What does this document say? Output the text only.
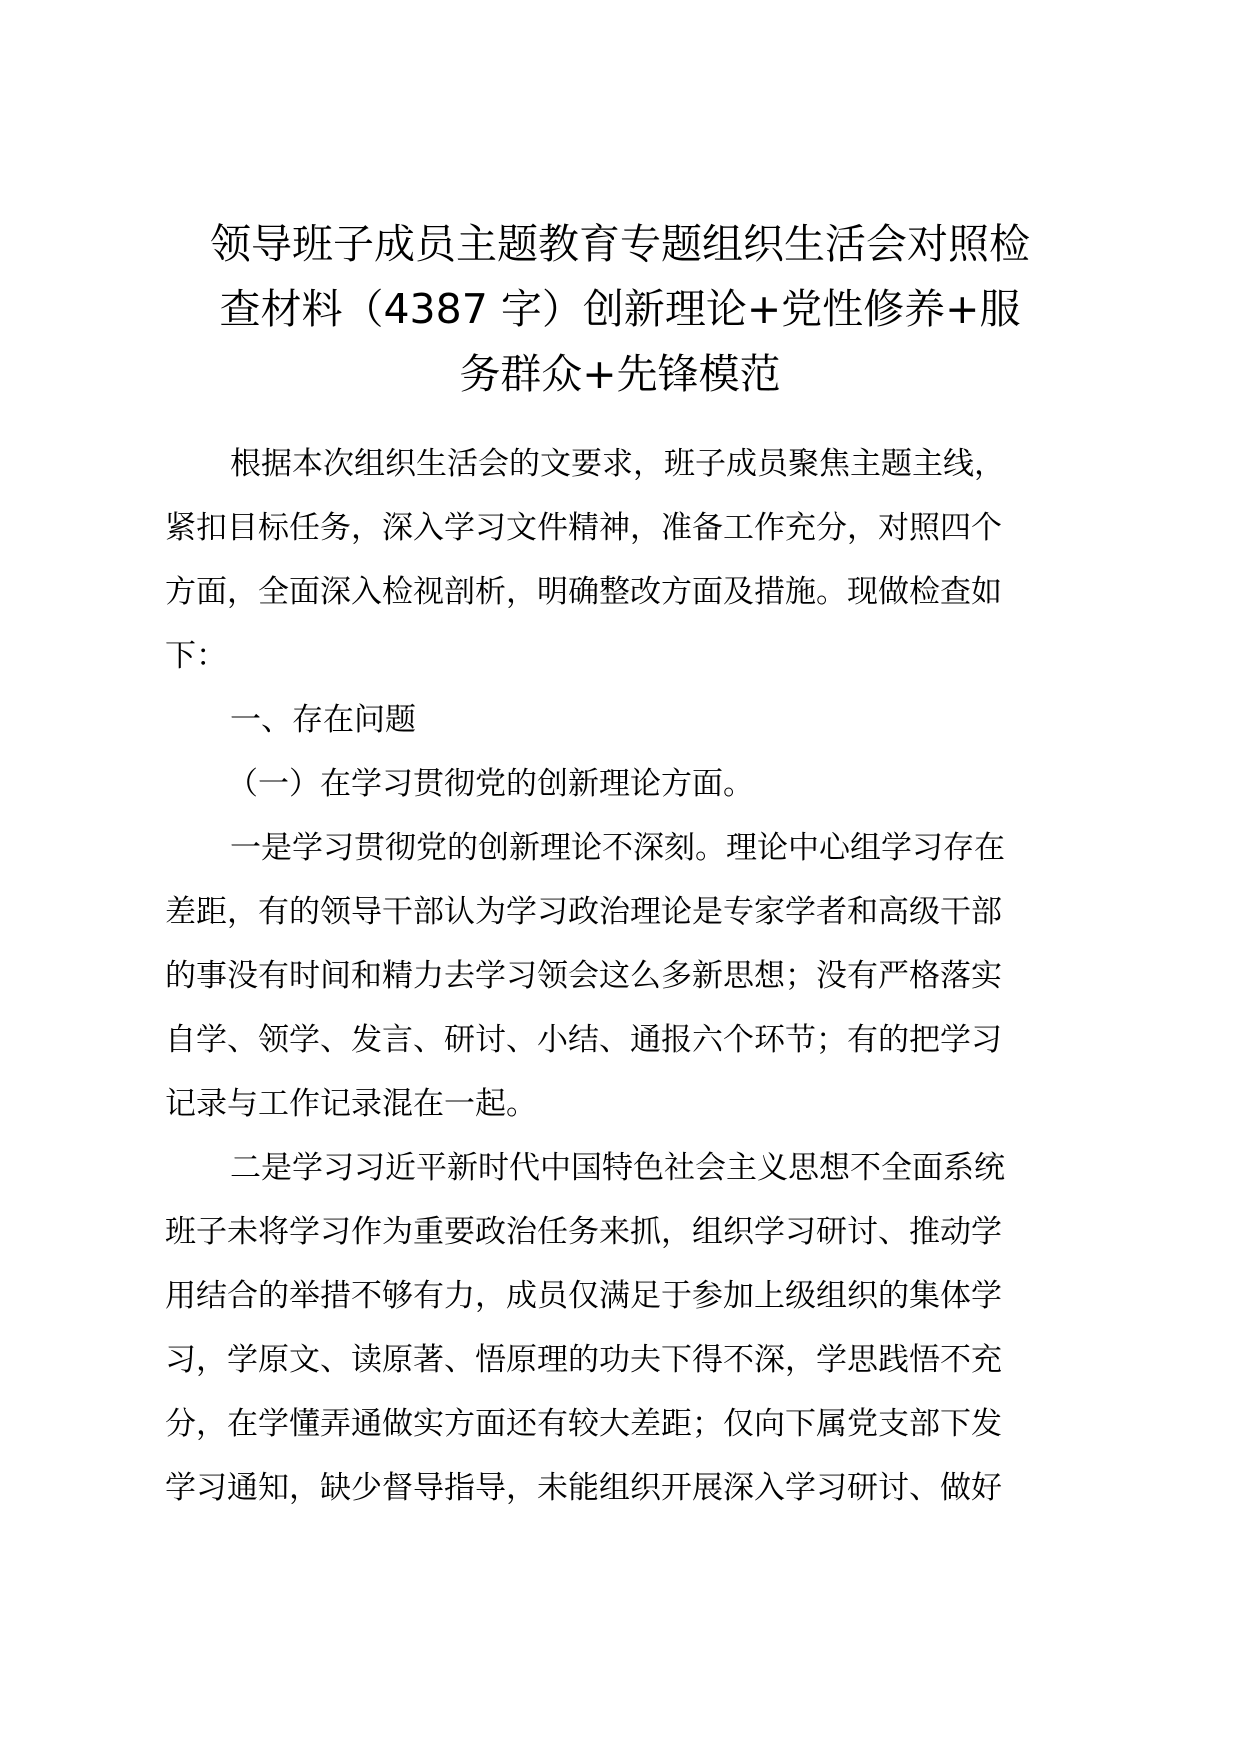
领导班子成员主题教育专题组织生活会对照检
查材料（4387 字）创新理论+党性修养+服
务群众+先锋模范

根据本次组织生活会的文要求，班子成员聚焦主题主线，
紧扣目标任务，深入学习文件精神，准备工作充分，对照四个
方面，全面深入检视剖析，明确整改方面及措施。现做检查如
下：

一、存在问题

（一）在学习贯彻党的创新理论方面。

一是学习贯彻党的创新理论不深刻。理论中心组学习存在
差距，有的领导干部认为学习政治理论是专家学者和高级干部
的事没有时间和精力去学习领会这么多新思想；没有严格落实
自学、领学、发言、研讨、小结、通报六个环节；有的把学习
记录与工作记录混在一起。

二是学习习近平新时代中国特色社会主义思想不全面系统
班子未将学习作为重要政治任务来抓，组织学习研讨、推动学
用结合的举措不够有力，成员仅满足于参加上级组织的集体学
习，学原文、读原著、悟原理的功夫下得不深，学思践悟不充
分，在学懂弄通做实方面还有较大差距；仅向下属党支部下发
学习通知，缺少督导指导，未能组织开展深入学习研讨、做好
